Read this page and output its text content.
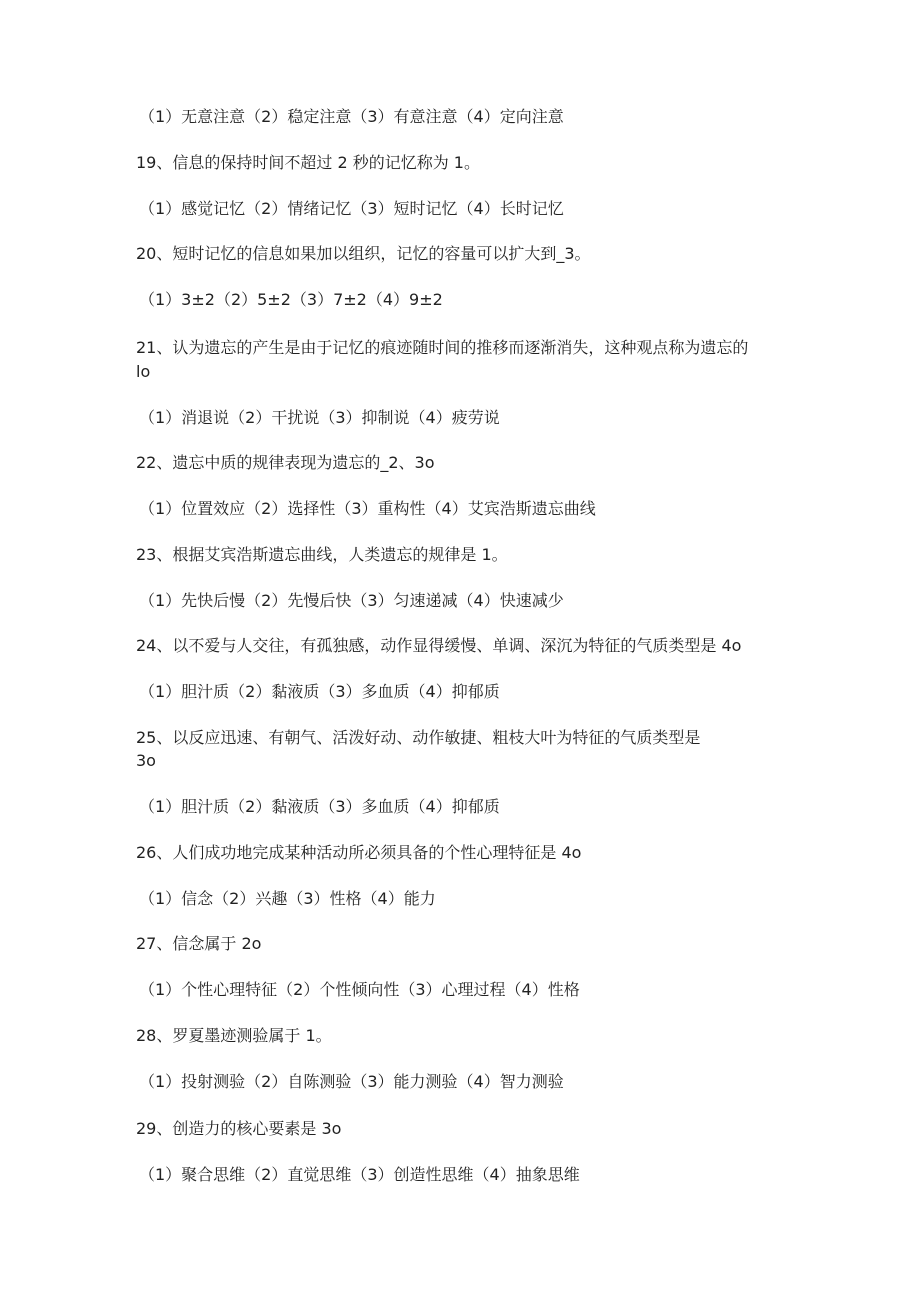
（1）无意注意（2）稳定注意（3）有意注意（4）定向注意

19、信息的保持时间不超过 2 秒的记忆称为 1。

（1）感觉记忆（2）情绪记忆（3）短时记忆（4）长时记忆

20、短时记忆的信息如果加以组织，记忆的容量可以扩大到_3。

（1）3±2（2）5±2（3）7±2（4）9±2

21、认为遗忘的产生是由于记忆的痕迹随时间的推移而逐渐消失，这种观点称为遗忘的

lo

（1）消退说（2）干扰说（3）抑制说（4）疲劳说

22、遗忘中质的规律表现为遗忘的_2、3o

（1）位置效应（2）选择性（3）重构性（4）艾宾浩斯遗忘曲线

23、根据艾宾浩斯遗忘曲线，人类遗忘的规律是 1。

（1）先快后慢（2）先慢后快（3）匀速递减（4）快速减少

24、以不爱与人交往，有孤独感，动作显得缓慢、单调、深沉为特征的气质类型是 4o

（1）胆汁质（2）黏液质（3）多血质（4）抑郁质

25、以反应迅速、有朝气、活泼好动、动作敏捷、粗枝大叶为特征的气质类型是

3o

（1）胆汁质（2）黏液质（3）多血质（4）抑郁质

26、人们成功地完成某种活动所必须具备的个性心理特征是 4o

（1）信念（2）兴趣（3）性格（4）能力

27、信念属于 2o

（1）个性心理特征（2）个性倾向性（3）心理过程（4）性格

28、罗夏墨迹测验属于 1。

（1）投射测验（2）自陈测验（3）能力测验（4）智力测验

29、创造力的核心要素是 3o

（1）聚合思维（2）直觉思维（3）创造性思维（4）抽象思维
